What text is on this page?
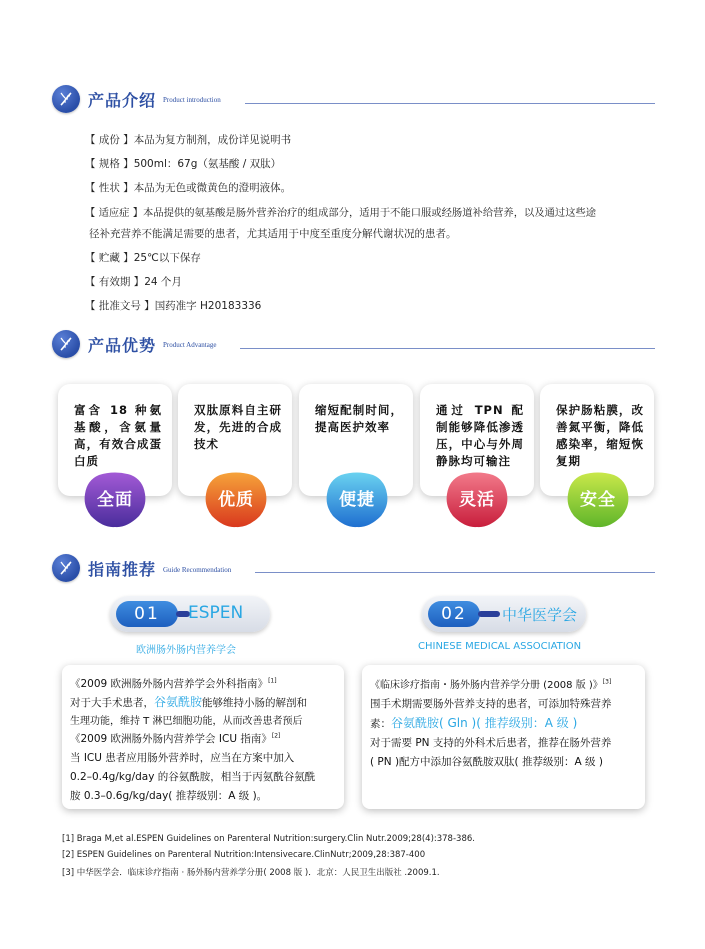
产品介绍 Product introduction
【 成份 】本品为复方制剂，成份详见说明书
【 规格 】500ml：67g（氨基酸 / 双肽）
【 性状 】本品为无色或微黄色的澄明液体。
【 适应症 】本品提供的氨基酸是肠外营养治疗的组成部分，适用于不能口服或经肠道补给营养，以及通过这些途
径补充营养不能满足需要的患者，尤其适用于中度至重度分解代谢状况的患者。
【 贮藏 】25℃以下保存
【 有效期 】24 个月
【 批准文号 】国药准字 H20183336
产品优势 Product Advantage
富含 18 种氨基酸，含氨量高，有效合成蛋白质
双肽原料自主研发，先进的合成技术
缩短配制时间，提高医护效率
通过 TPN 配制能够降低渗透压，中心与外周静脉均可输注
保护肠粘膜，改善氮平衡，降低感染率，缩短恢复期
全面	优质	便捷	灵活	安全
指南推荐 Guide Recommendation
01	ESPEN
欧洲肠外肠内营养学会
02	中华医学会
CHINESE MEDICAL ASSOCIATION
《2009 欧洲肠外肠内营养学会外科指南》[1]
对于大手术患者，谷氨酰胺能够维持小肠的解剖和
生理功能，维持 T 淋巴细胞功能，从而改善患者预后
《2009 欧洲肠外肠内营养学会 ICU 指南》[2]
当 ICU 患者应用肠外营养时，应当在方案中加入
0.2–0.4g/kg/day 的谷氨酰胺，相当于丙氨酰谷氨酰
胺 0.3–0.6g/kg/day( 推荐级别：A 级 )。
《临床诊疗指南・肠外肠内营养学分册 (2008 版 )》[3]
围手术期需要肠外营养支持的患者，可添加特殊营养
素：谷氨酰胺( Gln )( 推荐级别：A 级 )
对于需要 PN 支持的外科术后患者，推荐在肠外营养
( PN )配方中添加谷氨酰胺双肽( 推荐级别：A 级 )
[1] Braga M,et al.ESPEN Guidelines on Parenteral Nutrition:surgery.Clin Nutr.2009;28(4):378-386.
[2] ESPEN Guidelines on Parenteral Nutrition:Intensivecare.ClinNutr;2009,28:387-400
[3] 中华医学会．临床诊疗指南 · 肠外肠内营养学分册( 2008 版 )．北京：人民卫生出版社 .2009.1.
